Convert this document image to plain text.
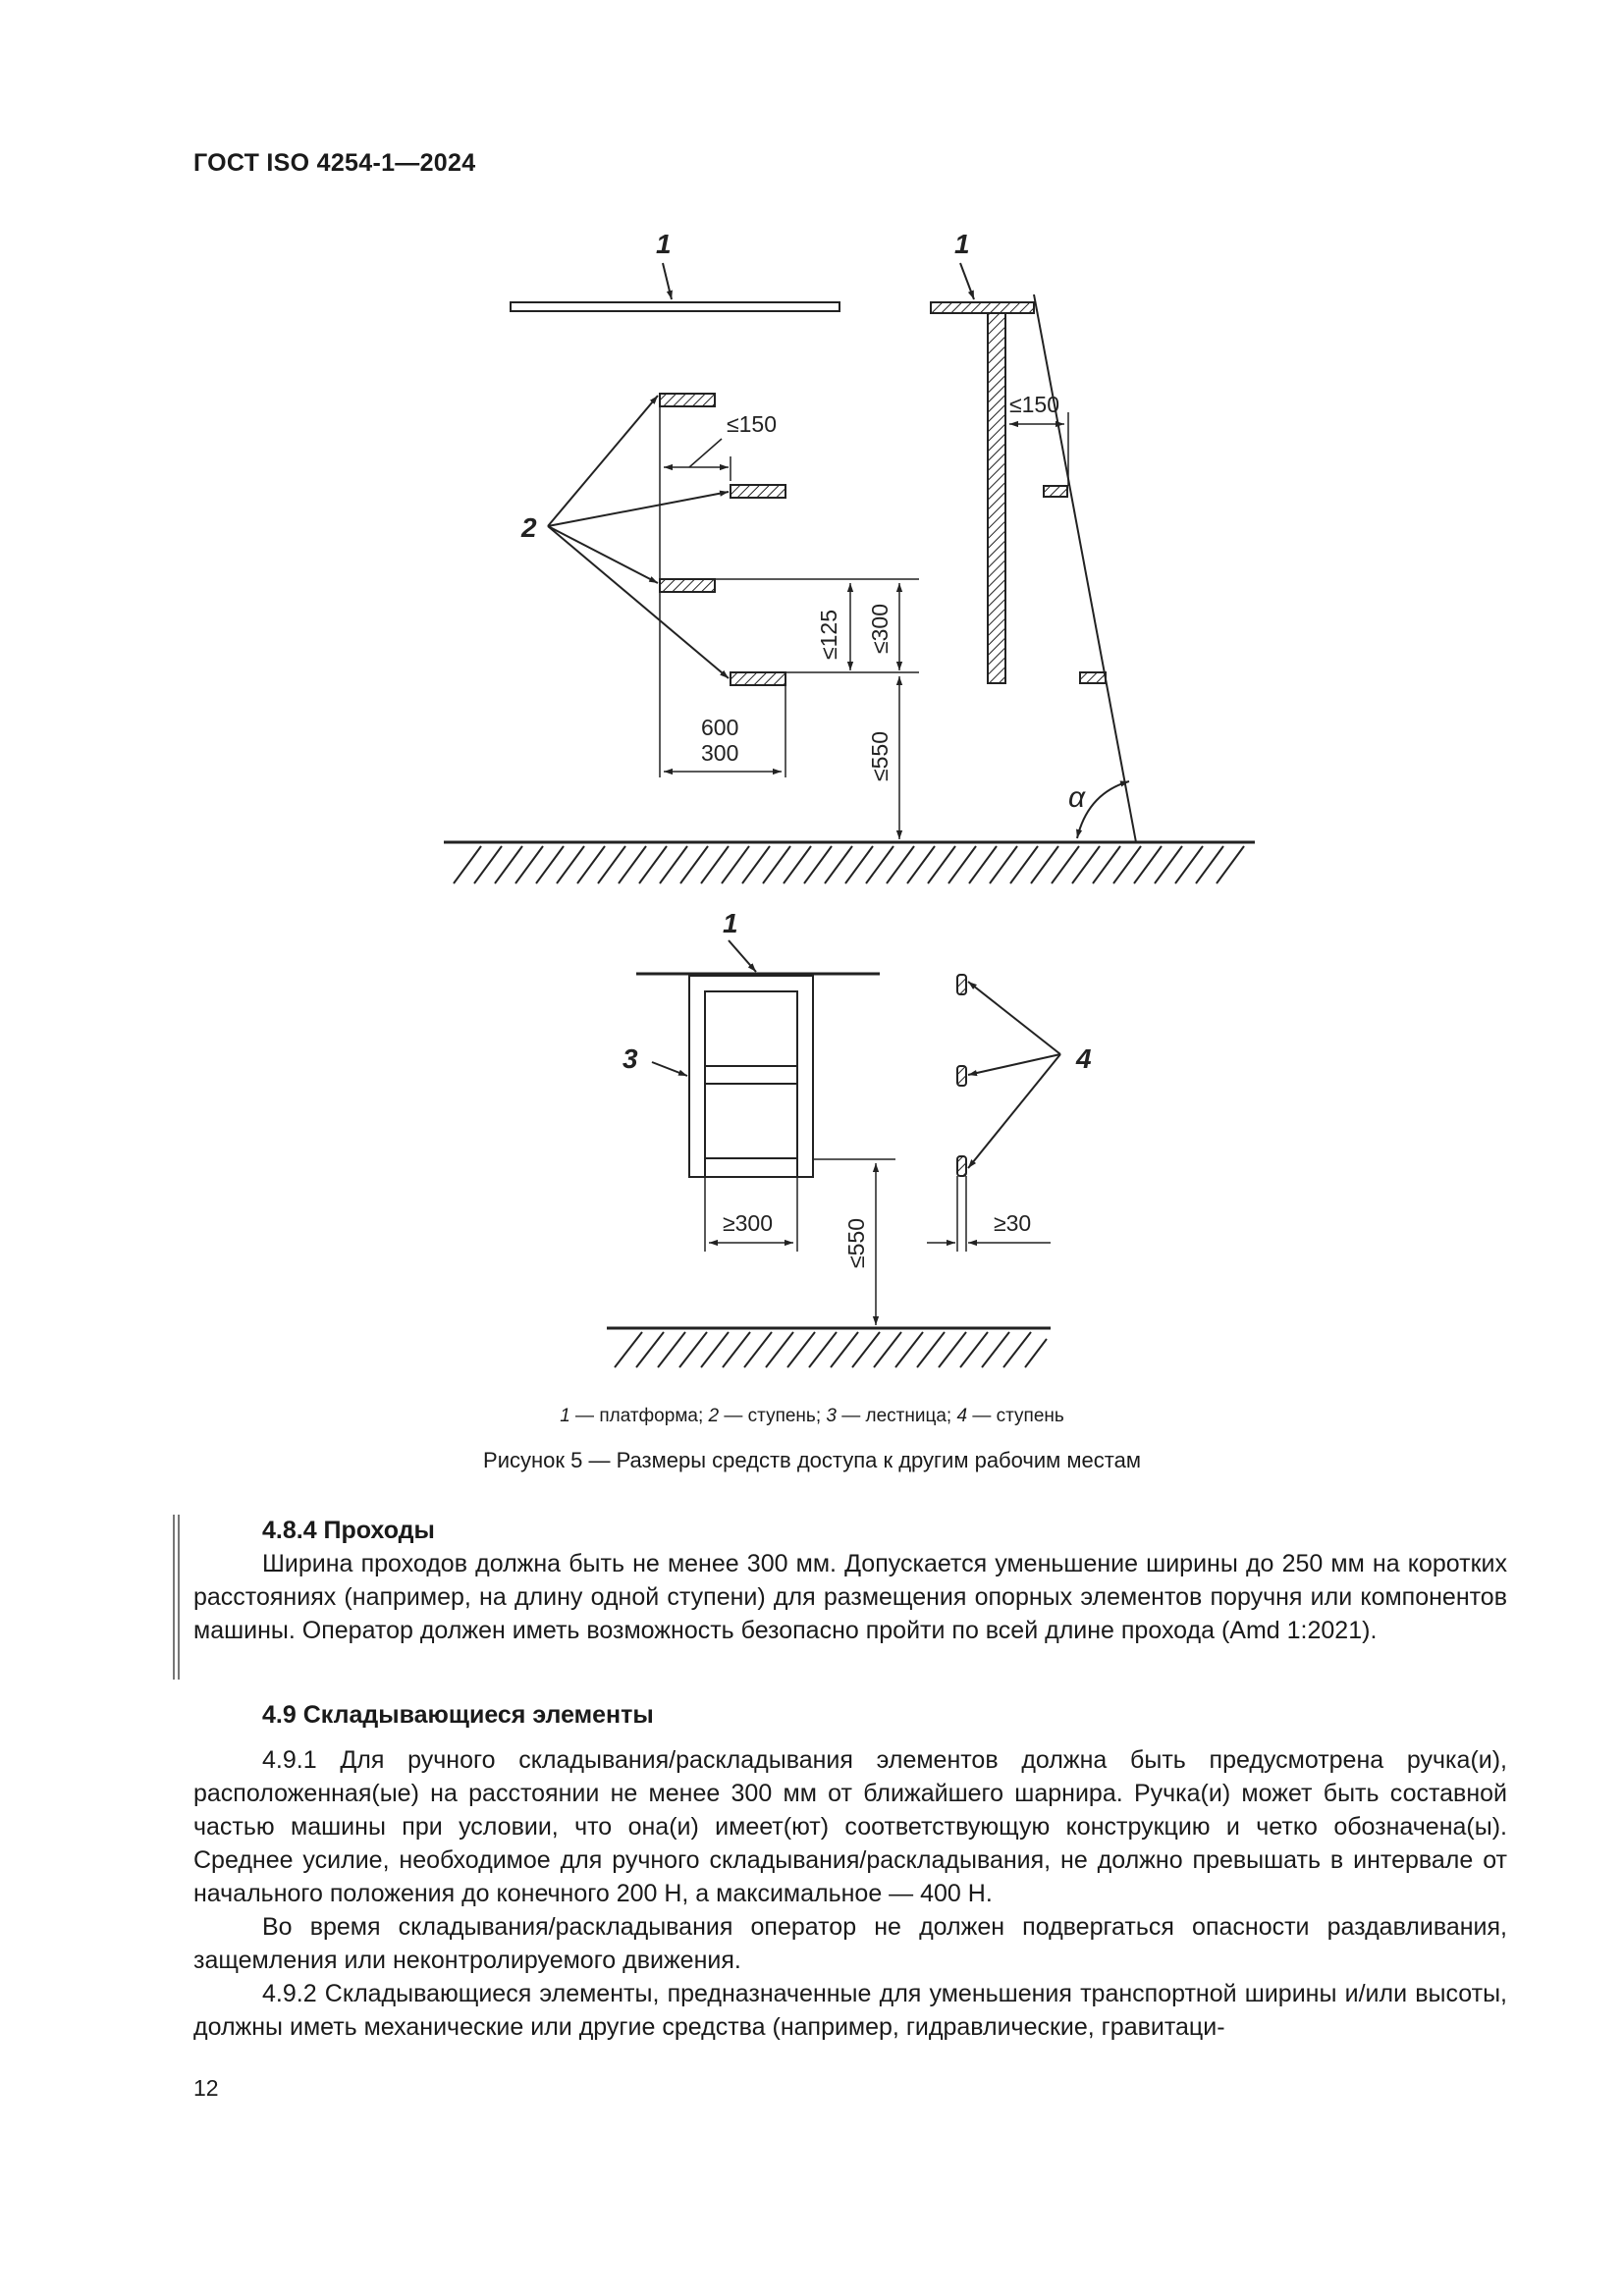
ГОСТ ISO 4254-1—2024
1	1
2
1
3	4
≤150
≤150
≤125 ≤300
600
300	≤550
α
≥300	≤550	≥30
1 — платформа; 2 — ступень; 3 — лестница; 4 — ступень
Рисунок 5 — Размеры средств доступа к другим рабочим местам
4.8.4 Проходы

Ширина проходов должна быть не менее 300 мм. Допускается уменьшение ширины до 250 мм на коротких расстояниях (например, на длину одной ступени) для размещения опорных элементов поручня или компонентов машины. Оператор должен иметь возможность безопасно пройти по всей длине прохода (Amd 1:2021).

4.9 Складывающиеся элементы

4.9.1 Для ручного складывания/раскладывания элементов должна быть предусмотрена ручка(и), расположенная(ые) на расстоянии не менее 300 мм от ближайшего шарнира. Ручка(и) может быть составной частью машины при условии, что она(и) имеет(ют) соответствующую конструкцию и четко обозначена(ы). Среднее усилие, необходимое для ручного складывания/раскладывания, не должно превышать в интервале от начального положения до конечного 200 Н, а максимальное — 400 Н.

Во время складывания/раскладывания оператор не должен подвергаться опасности раздавливания, защемления или неконтролируемого движения.

4.9.2 Складывающиеся элементы, предназначенные для уменьшения транспортной ширины и/или высоты, должны иметь механические или другие средства (например, гидравлические, гравитаци-

12
